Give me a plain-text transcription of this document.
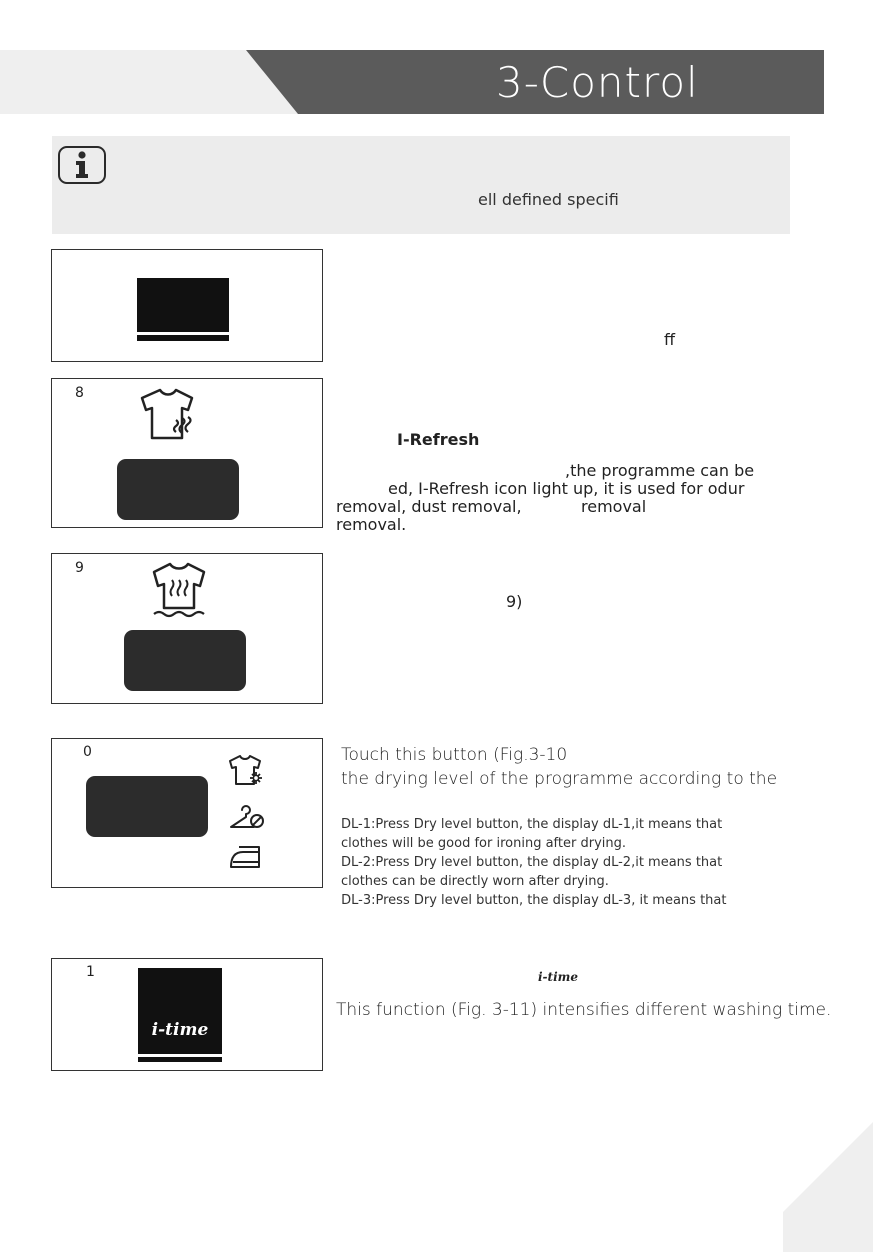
3-Control
ell defined specifi
ff
8
I-Refresh
,the programme can be
ed, I-Refresh icon light up, it is used for odur
removal, dust removal,	removal
removal.
9
9)
0	Touch this button (Fig.3-10
the drying level of the programme according to the
DL-1:Press Dry level button, the display dL-1,it means that
clothes will be good for ironing after drying.
DL-2:Press Dry level button, the display dL-2,it means that
clothes can be directly worn after drying.
DL-3:Press Dry level button, the display dL-3, it means that
1
i-time
i-time
This function (Fig. 3-11) intensifies different washing time.
